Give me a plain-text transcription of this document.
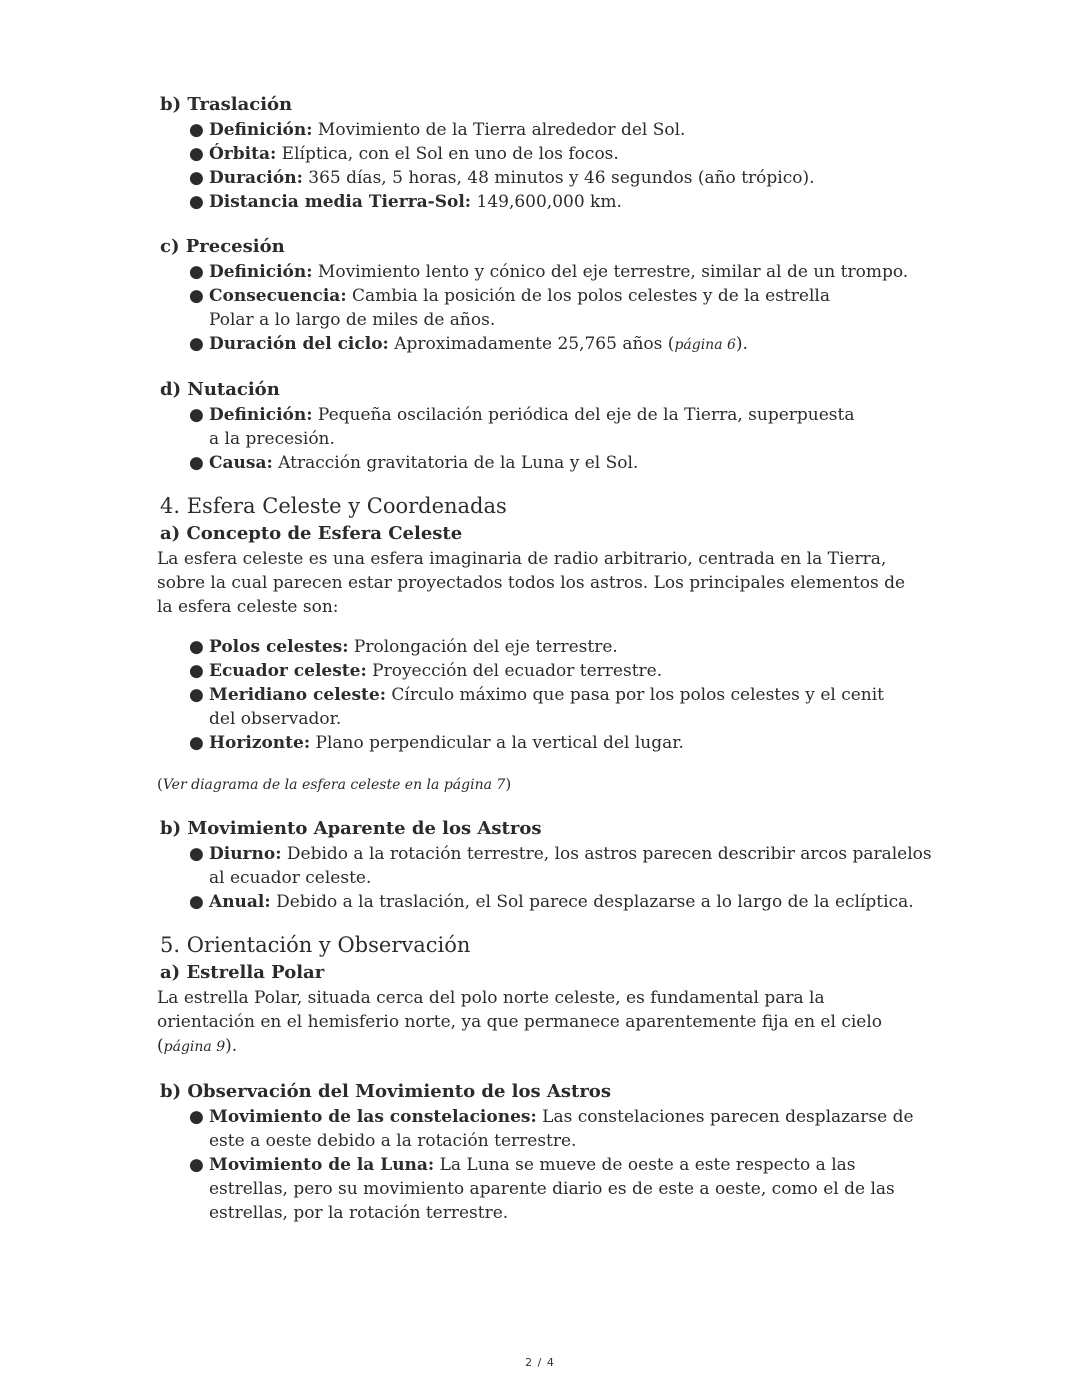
b) Traslación
● Definición: Movimiento de la Tierra alrededor del Sol.
● Órbita: Elíptica, con el Sol en uno de los focos.
● Duración: 365 días, 5 horas, 48 minutos y 46 segundos (año trópico).
● Distancia media Tierra-Sol: 149,600,000 km.
c) Precesión
● Definición: Movimiento lento y cónico del eje terrestre, similar al de un trompo.
● Consecuencia: Cambia la posición de los polos celestes y de la estrella Polar a lo largo de miles de años.
● Duración del ciclo: Aproximadamente 25,765 años (página 6).
d) Nutación
● Definición: Pequeña oscilación periódica del eje de la Tierra, superpuesta a la precesión.
● Causa: Atracción gravitatoria de la Luna y el Sol.
4. Esfera Celeste y Coordenadas
a) Concepto de Esfera Celeste

La esfera celeste es una esfera imaginaria de radio arbitrario, centrada en la Tierra, sobre la cual parecen estar proyectados todos los astros. Los principales elementos de la esfera celeste son:

● Polos celestes: Prolongación del eje terrestre.
● Ecuador celeste: Proyección del ecuador terrestre.
● Meridiano celeste: Círculo máximo que pasa por los polos celestes y el cenit del observador.
● Horizonte: Plano perpendicular a la vertical del lugar.

(Ver diagrama de la esfera celeste en la página 7)

b) Movimiento Aparente de los Astros
● Diurno: Debido a la rotación terrestre, los astros parecen describir arcos paralelos al ecuador celeste.
● Anual: Debido a la traslación, el Sol parece desplazarse a lo largo de la eclíptica.
5. Orientación y Observación
a) Estrella Polar

La estrella Polar, situada cerca del polo norte celeste, es fundamental para la orientación en el hemisferio norte, ya que permanece aparentemente fija en el cielo (página 9).

b) Observación del Movimiento de los Astros
● Movimiento de las constelaciones: Las constelaciones parecen desplazarse de este a oeste debido a la rotación terrestre.
● Movimiento de la Luna: La Luna se mueve de oeste a este respecto a las estrellas, pero su movimiento aparente diario es de este a oeste, como el de las estrellas, por la rotación terrestre.
2 / 4
